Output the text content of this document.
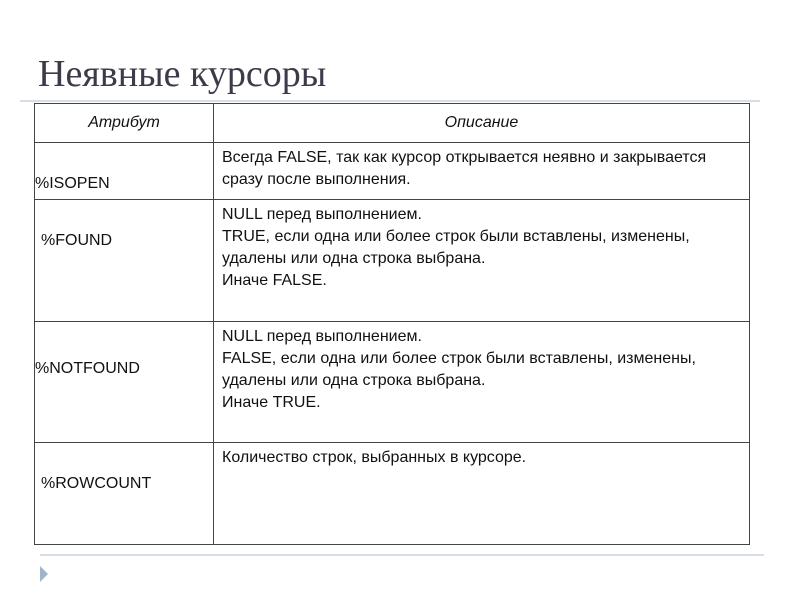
Неявные курсоры
Атрибут	Описание
%ISOPEN	Всегда FALSE, так как курсор открывается неявно и закрывается сразу после выполнения.

%FOUND	NULL перед выполнением.
TRUE, если одна или более строк были вставлены, изменены, удалены или одна строка выбрана.
Иначе FALSE.

%NOTFOUND	NULL перед выполнением.
FALSE, если одна или более строк были вставлены, изменены, удалены или одна строка выбрана.
Иначе TRUE.

%ROWCOUNT	Количество строк, выбранных в курсоре.
